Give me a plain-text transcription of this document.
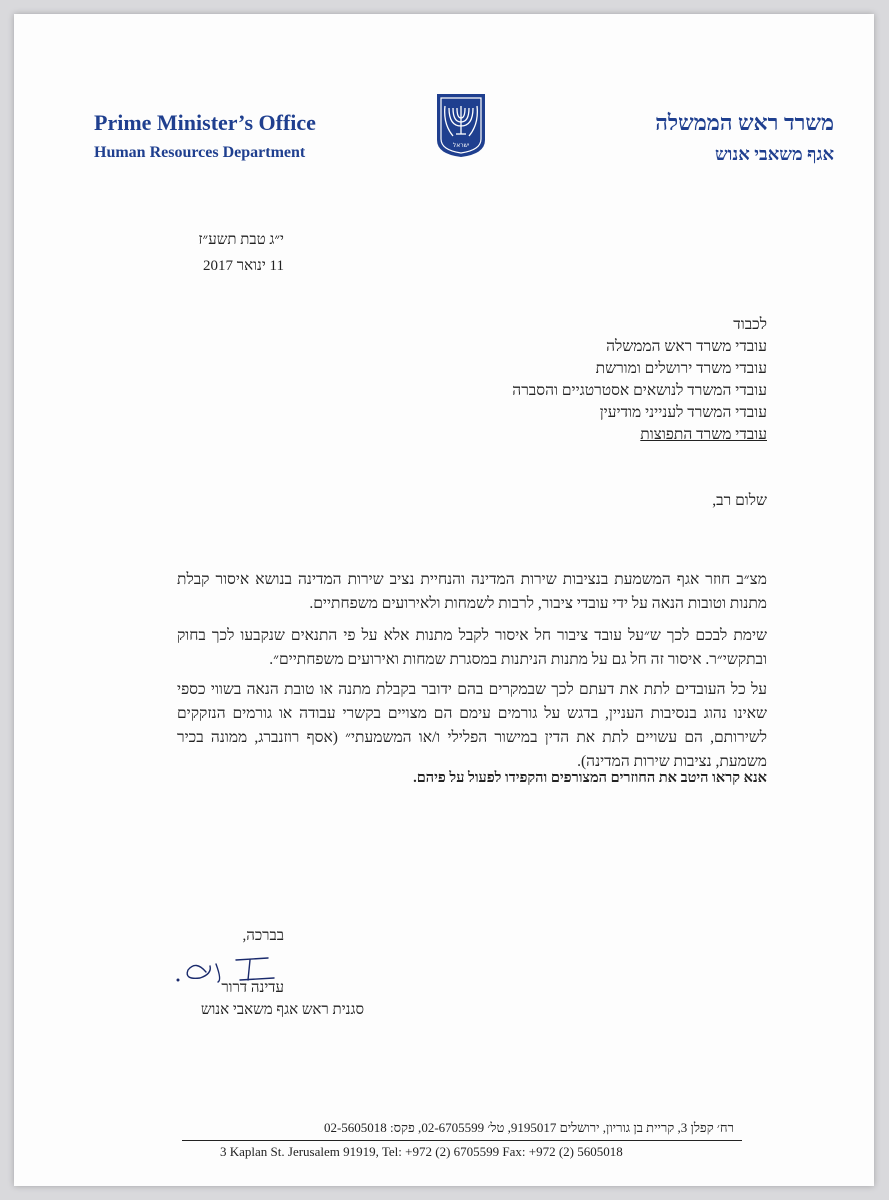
Prime Minister’s Office
Human Resources Department	ישראל
משרד ראש הממשלה
אגף משאבי אנוש
י״ג טבת תשע״ז
11 ינואר 2017
לכבוד
עובדי משרד ראש הממשלה
עובדי משרד ירושלים ומורשת
עובדי המשרד לנושאים אסטרטגיים והסברה
עובדי המשרד לענייני מודיעין
עובדי משרד התפוצות
שלום רב,
מצ״ב חוזר אגף המשמעת בנציבות שירות המדינה והנחיית נציב שירות המדינה בנושא איסור קבלת מתנות וטובות הנאה על ידי עובדי ציבור, לרבות לשמחות ולאירועים משפחתיים.
שימת לבכם לכך ש״על עובד ציבור חל איסור לקבל מתנות אלא על פי התנאים שנקבעו לכך בחוק ובתקשי״ר. איסור זה חל גם על מתנות הניתנות במסגרת שמחות ואירועים משפחתיים״.
על כל העובדים לתת את דעתם לכך שבמקרים בהם ידובר בקבלת מתנה או טובת הנאה בשווי כספי שאינו נהוג בנסיבות העניין, בדגש על גורמים עימם הם מצויים בקשרי עבודה או גורמים הנזקקים לשירותם, הם עשויים לתת את הדין במישור הפלילי ו/או המשמעתי״ (אסף רוזנברג, ממונה בכיר משמעת, נציבות שירות המדינה).
אנא קראו היטב את החוזרים המצורפים והקפידו לפעול על פיהם.
בברכה,
עדינה דרור
סגנית ראש אגף משאבי אנוש
רח׳ קפלן 3, קריית בן גוריון, ירושלים 9195017, טל׳ 02-6705599, פקס: 02-5605018
3 Kaplan St. Jerusalem 91919, Tel: +972 (2) 6705599 Fax: +972 (2) 5605018
